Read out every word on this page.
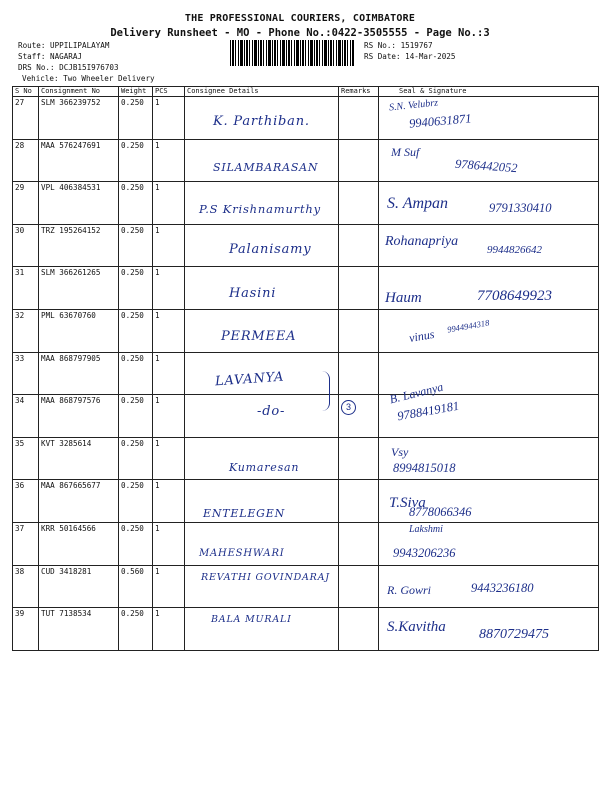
THE PROFESSIONAL COURIERS, COIMBATORE
Delivery Runsheet - MO - Phone No.:0422-3505555 - Page No.:3
Route: UPPILIPALAYAM
Staff: NAGARAJ
DRS No.: DCJB15I976703
Vehicle: Two Wheeler Delivery
RS No.: 1519767
RS Date: 14-Mar-2025
S No	Consignment No	Weight	PCS	Consignee Details	Remarks	Seal & Signature
27	SLM 366239752	0.250	1	K. Parthiban.		S.N. Velubrz
9940631871

28	MAA 576247691	0.250	1	SILAMBARASAN		M Suf
9786442052

29	VPL 406384531	0.250	1	P.S Krishnamurthy		S. Ampan 9791330410

30	TRZ 195264152	0.250	1	Palanisamy		Rohanapriya
9944826642

31	SLM 366261265	0.250	1	Hasini		Haum 7708649923

32	PML 63670760	0.250	1	PERMEEA		vinus
9944944318

33	MAA 868797905	0.250	1	LAVANYA	3	B. Lavanya
9788419181

34	MAA 868797576	0.250	1	-do-		

35	KVT 3285614	0.250	1	Kumaresan		Vsy
8994815018

36	MAA 867665677	0.250	1	ENTELEGEN		T.Siva
8778066346

37	KRR 50164566	0.250	1	MAHESHWARI		Lakshmi
9943206236

38	CUD 3418281	0.560	1	REVATHI GOVINDARAJ		R. Gowri 9443236180

39	TUT 7138534	0.250	1	BALA MURALI		S.Kavitha 8870729475
